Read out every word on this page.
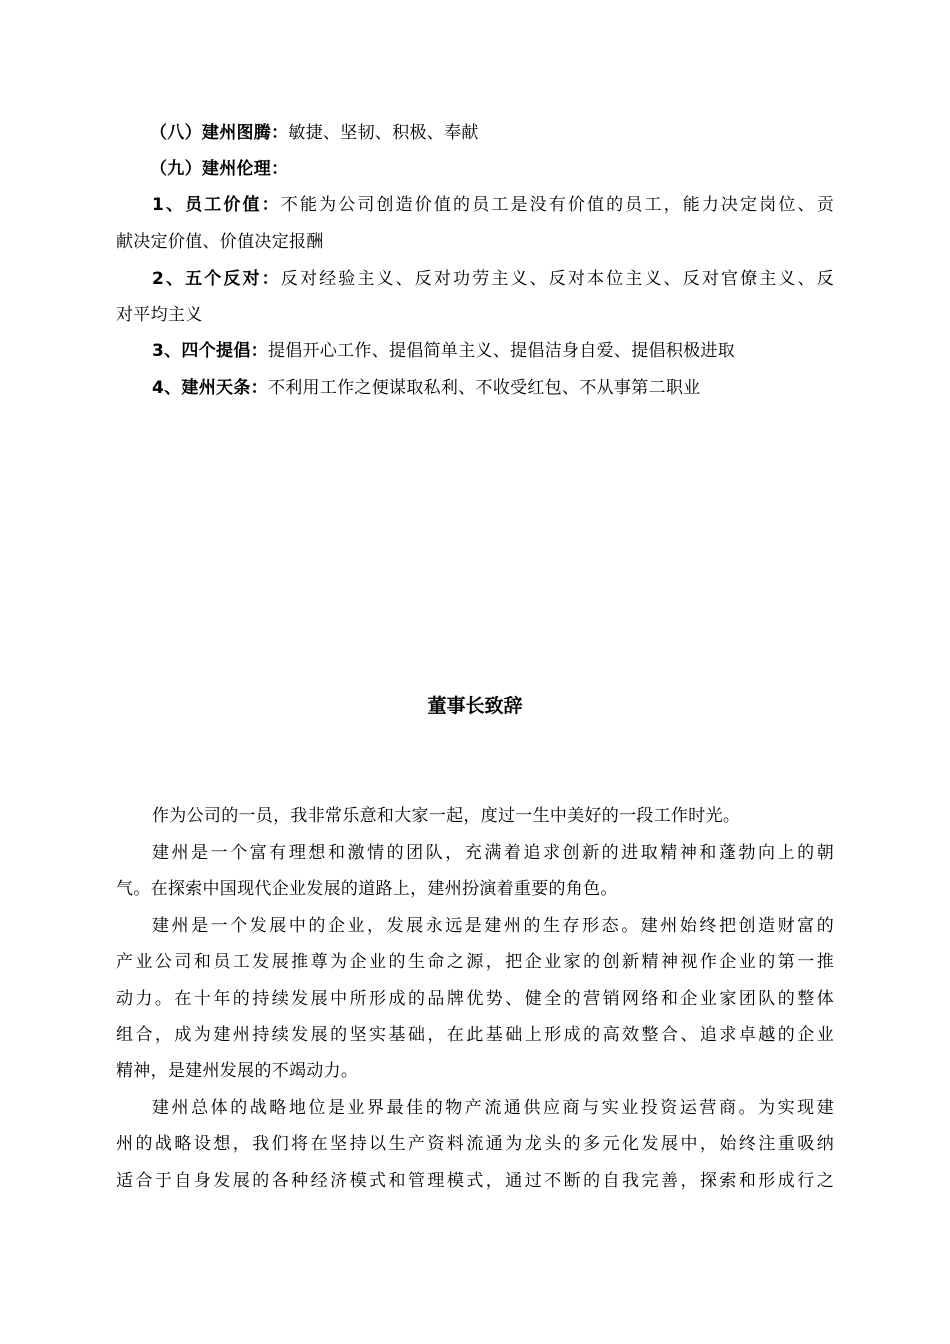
（八）建州图腾：敏捷、坚韧、积极、奉献
（九）建州伦理：
1、员工价值：不能为公司创造价值的员工是没有价值的员工，能力决定岗位、贡
献决定价值、价值决定报酬
2、五个反对：反对经验主义、反对功劳主义、反对本位主义、反对官僚主义、反
对平均主义
3、四个提倡：提倡开心工作、提倡简单主义、提倡洁身自爱、提倡积极进取
4、建州天条：不利用工作之便谋取私利、不收受红包、不从事第二职业
董事长致辞
作为公司的一员，我非常乐意和大家一起，度过一生中美好的一段工作时光。
建州是一个富有理想和激情的团队，充满着追求创新的进取精神和蓬勃向上的朝
气。在探索中国现代企业发展的道路上，建州扮演着重要的角色。
建州是一个发展中的企业，发展永远是建州的生存形态。建州始终把创造财富的
产业公司和员工发展推尊为企业的生命之源，把企业家的创新精神视作企业的第一推
动力。在十年的持续发展中所形成的品牌优势、健全的营销网络和企业家团队的整体
组合，成为建州持续发展的坚实基础，在此基础上形成的高效整合、追求卓越的企业
精神，是建州发展的不竭动力。
建州总体的战略地位是业界最佳的物产流通供应商与实业投资运营商。为实现建
州的战略设想，我们将在坚持以生产资料流通为龙头的多元化发展中，始终注重吸纳
适合于自身发展的各种经济模式和管理模式，通过不断的自我完善，探索和形成行之
